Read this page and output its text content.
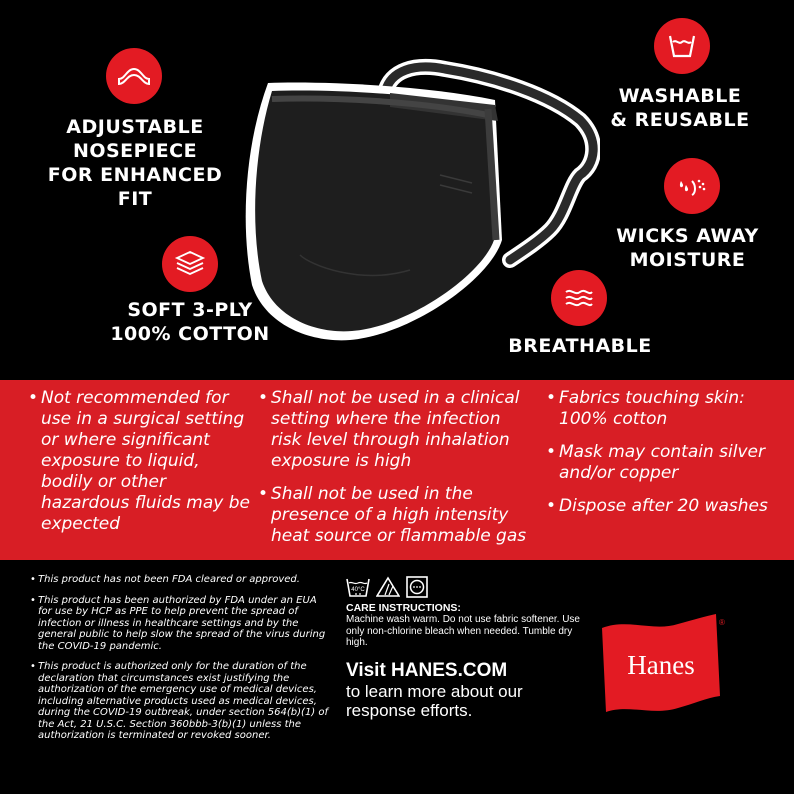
ADJUSTABLE
NOSEPIECE
FOR ENHANCED FIT
SOFT 3-PLY
100% COTTON
WASHABLE
& REUSABLE
WICKS AWAY
MOISTURE
BREATHABLE

• Not recommended for use in a surgical setting or where significant exposure to liquid, bodily or other hazardous fluids may be expected

• Shall not be used in a clinical setting where the infection risk level through inhalation exposure is high

• Shall not be used in the presence of a high intensity heat source or flammable gas

• Fabrics touching skin: 100% cotton

• Mask may contain silver and/or copper

• Dispose after 20 washes

• This product has not been FDA cleared or approved.

• This product has been authorized by FDA under an EUA for use by HCP as PPE to help prevent the spread of infection or illness in healthcare settings and by the general public to help slow the spread of the virus during the COVID-19 pandemic.

• This product is authorized only for the duration of the declaration that circumstances exist justifying the authorization of the emergency use of medical devices, including alternative products used as medical devices, during the COVID-19 outbreak, under section 564(b)(1) of the Act, 21 U.S.C. Section 360bbb-3(b)(1) unless the authorization is terminated or revoked sooner.

40°C
CARE INSTRUCTIONS:
Machine wash warm. Do not use fabric softener. Use only non-chlorine bleach when needed. Tumble dry high.
Visit HANES.COM
to learn more about our response efforts.
Hanes
®
